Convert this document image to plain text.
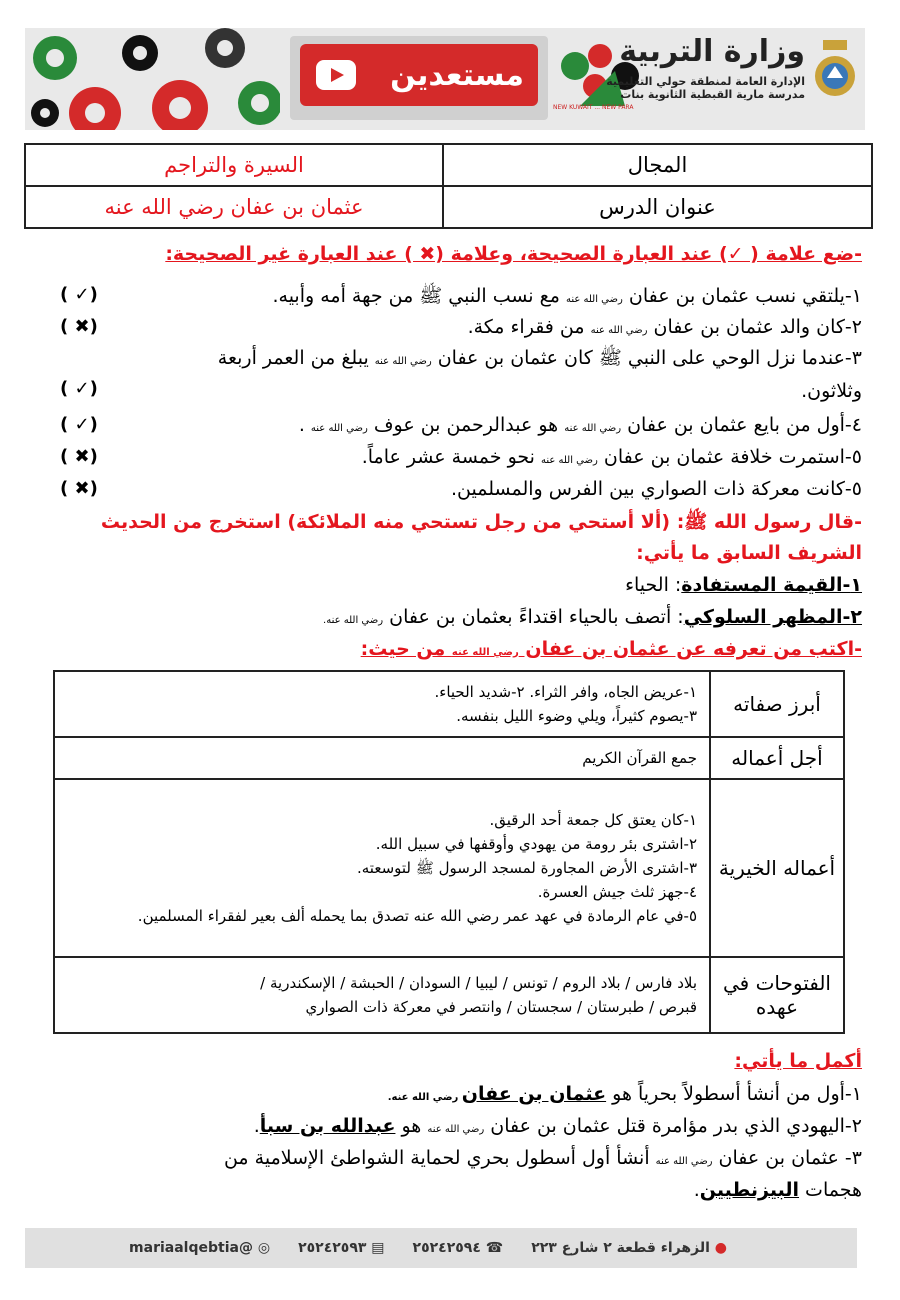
مستعدين
NEW KUWAIT ... NEW PARA
وزارة التربية
الإدارة العامة لمنطقة حولي التعليمية
مدرسة مارية القبطية الثانوية بنات
المجال	السيرة والتراجم
عنوان الدرس	عثمان بن عفان رضي الله عنه
-ضع علامة ( ✓) عند العبارة الصحيحة، وعلامة (✖ ) عند العبارة غير الصحيحة:
١-يلتقي نسب عثمان بن عفان رضي الله عنه مع نسب النبي ﷺ من جهة أمه وأبيه.
( ✓)
٢-كان والد عثمان بن عفان رضي الله عنه من فقراء مكة.
( ✖)
٣-عندما نزل الوحي على النبي ﷺ كان عثمان بن عفان رضي الله عنه يبلغ من العمر أربعة
( ✓)	وثلاثون.
٤-أول من بايع عثمان بن عفان رضي الله عنه هو عبدالرحمن بن عوف رضي الله عنه .
( ✓)
٥-استمرت خلافة عثمان بن عفان رضي الله عنه نحو خمسة عشر عاماً.
( ✖)
٥-كانت معركة ذات الصواري بين الفرس والمسلمين.
( ✖)
-قال رسول الله ﷺ: (ألا أستحي من رجل تستحي منه الملائكة) استخرج من الحديث
الشريف السابق ما يأتي:
١-القيمة المستفادة: الحياء
٢-المظهر السلوكي: أتصف بالحياء اقتداءً بعثمان بن عفان رضي الله عنه.
-اكتب من تعرفه عن عثمان بن عفان رضي الله عنه من حيث:
أبرز صفاته	١-عريض الجاه، وافر الثراء. ٢-شديد الحياء.
٣-يصوم كثيراً، ويلي وضوء الليل بنفسه.

أجل أعماله	جمع القرآن الكريم
أعماله الخيرية	١-كان يعتق كل جمعة أحد الرقيق.
٢-اشترى بئر رومة من يهودي وأوقفها في سبيل الله.
٣-اشترى الأرض المجاورة لمسجد الرسول ﷺ لتوسعته.
٤-جهز ثلث جيش العسرة.
٥-في عام الرمادة في عهد عمر رضي الله عنه تصدق بما يحمله ألف بعير لفقراء المسلمين.

الفتوحات في عهده	بلاد فارس / بلاد الروم / تونس / ليبيا / السودان / الحبشة / الإسكندرية /
قبرص / طبرستان / سجستان / وانتصر في معركة ذات الصواري
أكمل ما يأتي:
١-أول من أنشأ أسطولاً بحرياً هو عثمان بن عفان رضي الله عنه.
٢-اليهودي الذي بدر مؤامرة قتل عثمان بن عفان رضي الله عنه هو عبدالله بن سبأ.
٣- عثمان بن عفان رضي الله عنه أنشأ أول أسطول بحري لحماية الشواطئ الإسلامية من
هجمات البيزنطيين.
● الزهراء قطعة ٢ شارع ٢٢٣
☎ ٢٥٢٤٢٥٩٤
▤ ٢٥٢٤٢٥٩٣
◎ @mariaalqebtia
